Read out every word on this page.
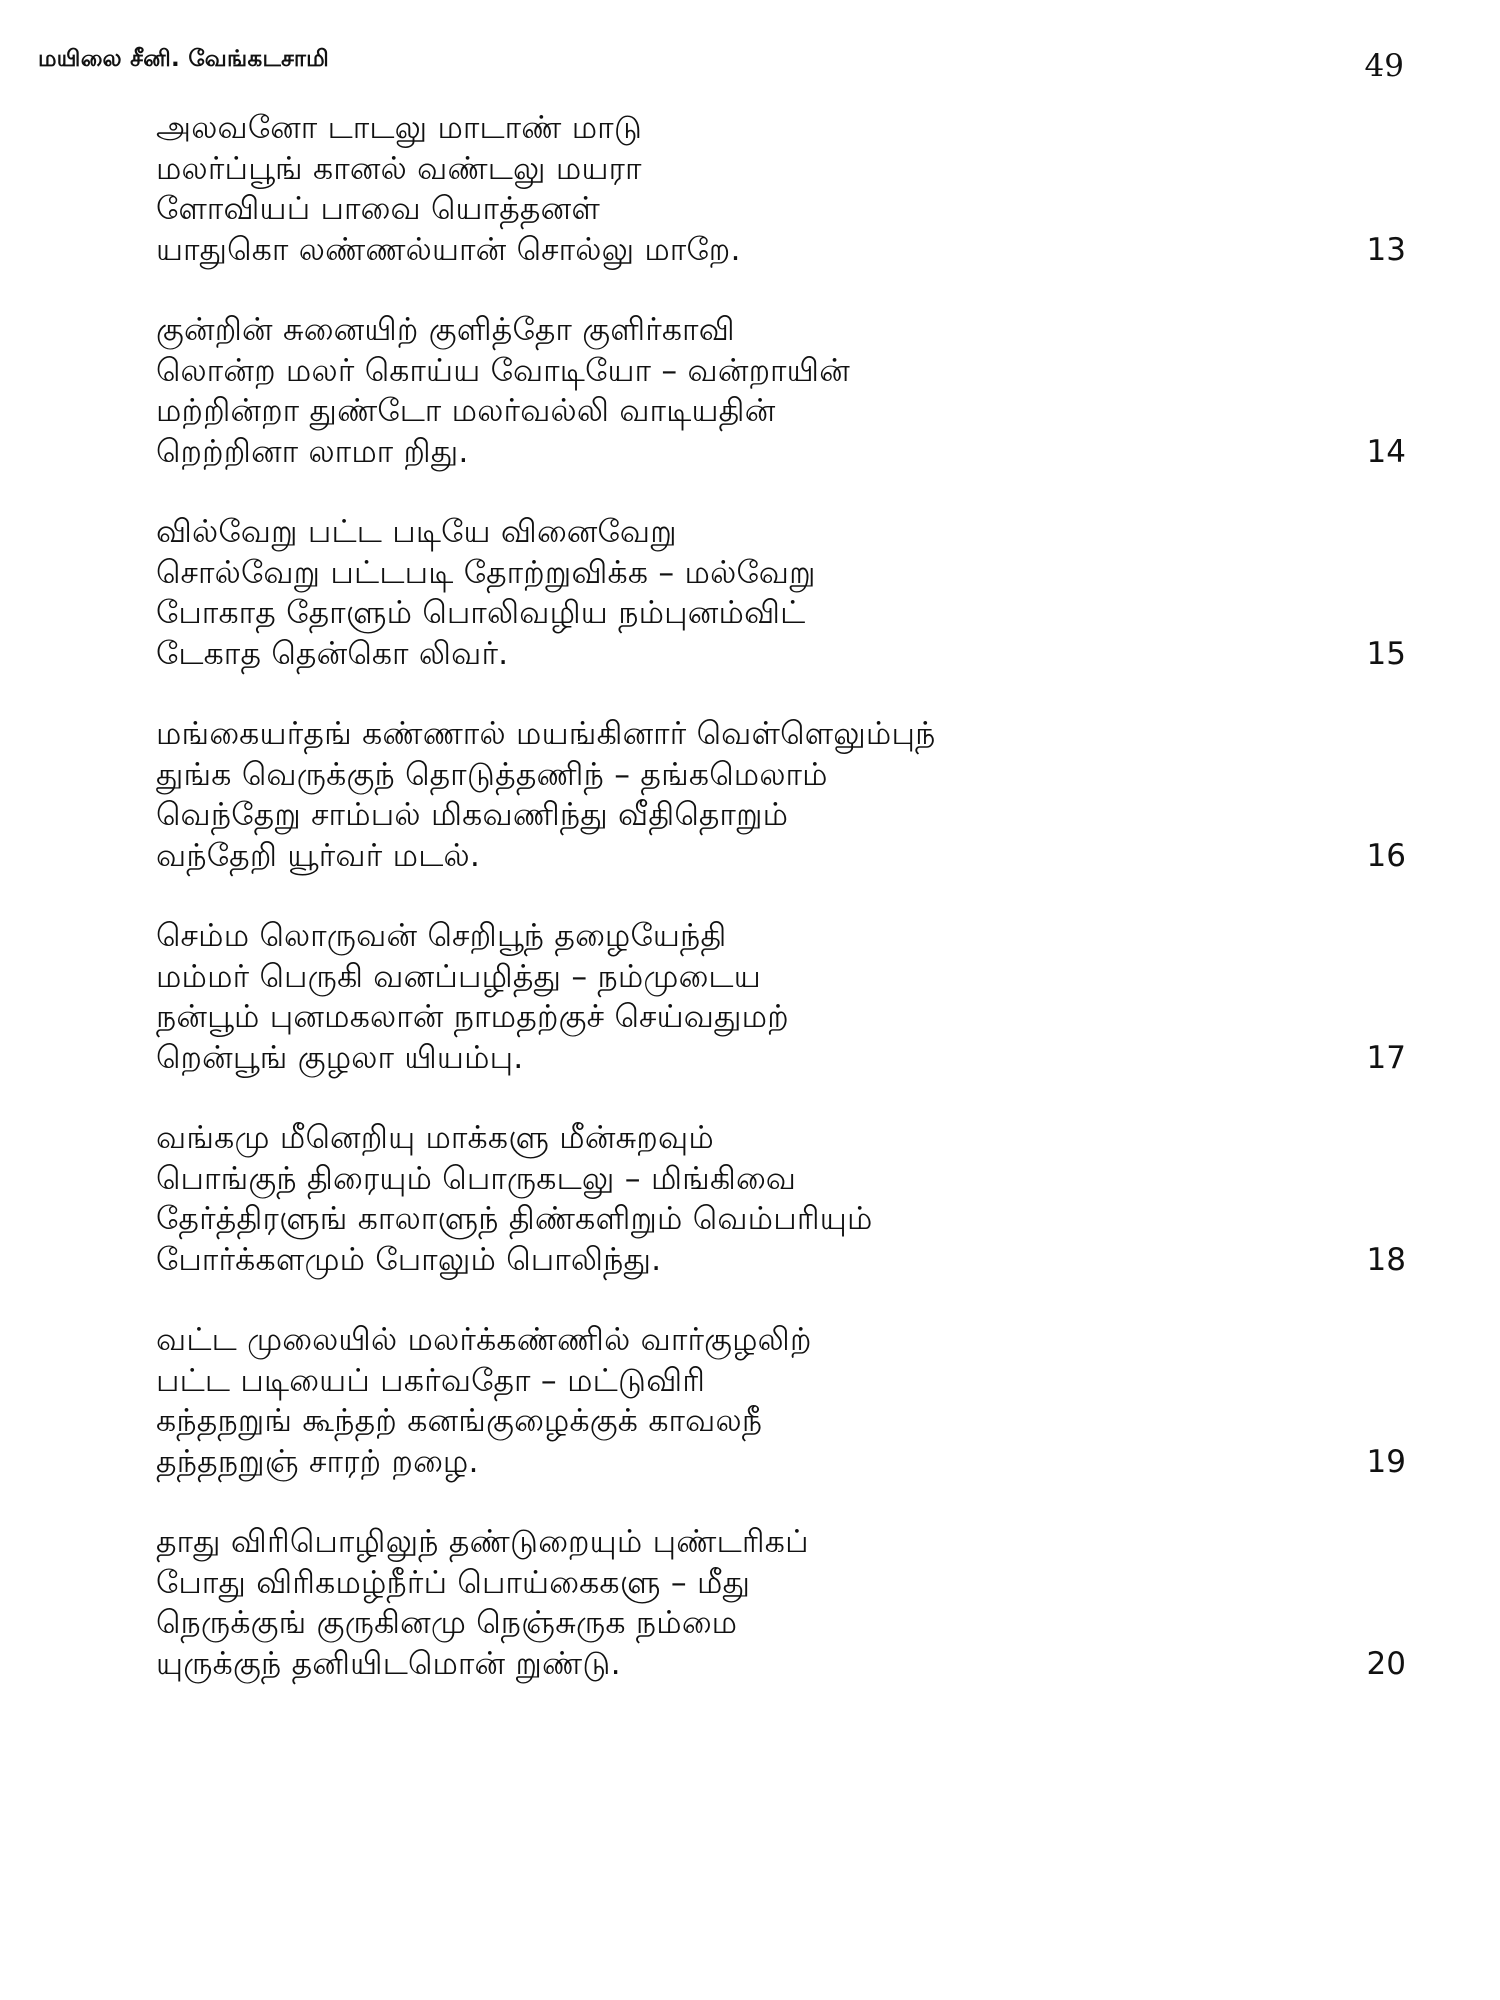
மயிலை சீனி. வேங்கடசாமி	49
அலவனோ டாடலு மாடாண் மாடு
மலர்ப்பூங் கானல் வண்டலு மயரா
ளோவியப் பாவை யொத்தனள்
யாதுகொ லண்ணல்யான் சொல்லு மாறே.	13
குன்றின் சுனையிற் குளித்தோ குளிர்காவி
லொன்ற மலர் கொய்ய வோடியோ – வன்றாயின்
மற்றின்றா துண்டோ மலர்வல்லி வாடியதின்
றெற்றினா லாமா றிது.	14
வில்வேறு பட்ட படியே வினைவேறு
சொல்வேறு பட்டபடி தோற்றுவிக்க – மல்வேறு
போகாத தோளும் பொலிவழிய நம்புனம்விட்
டேகாத தென்கொ லிவர்.	15
மங்கையர்தங் கண்ணால் மயங்கினார் வெள்ளெலும்புந்
துங்க வெருக்குந் தொடுத்தணிந் – தங்கமெலாம்
வெந்தேறு சாம்பல் மிகவணிந்து வீதிதொறும்
வந்தேறி யூர்வர் மடல்.	16
செம்ம லொருவன் செறிபூந் தழையேந்தி
மம்மர் பெருகி வனப்பழித்து – நம்முடைய
நன்பூம் புனமகலான் நாமதற்குச் செய்வதுமற்
றென்பூங் குழலா யியம்பு.	17
வங்கமு மீனெறியு மாக்களு மீன்சுறவும்
பொங்குந் திரையும் பொருகடலு – மிங்கிவை
தேர்த்திரளுங் காலாளுந் திண்களிறும் வெம்பரியும்
போர்க்களமும் போலும் பொலிந்து.	18
வட்ட முலையில் மலர்க்கண்ணில் வார்குழலிற்
பட்ட படியைப் பகர்வதோ – மட்டுவிரி
கந்தநறுங் கூந்தற் கனங்குழைக்குக் காவலநீ
தந்தநறுஞ் சாரற் றழை.	19
தாது விரிபொழிலுந் தண்டுறையும் புண்டரிகப்
போது விரிகமழ்நீர்ப் பொய்கைகளு – மீது
நெருக்குங் குருகினமு நெஞ்சுருக நம்மை
யுருக்குந் தனியிடமொன் றுண்டு.	20
